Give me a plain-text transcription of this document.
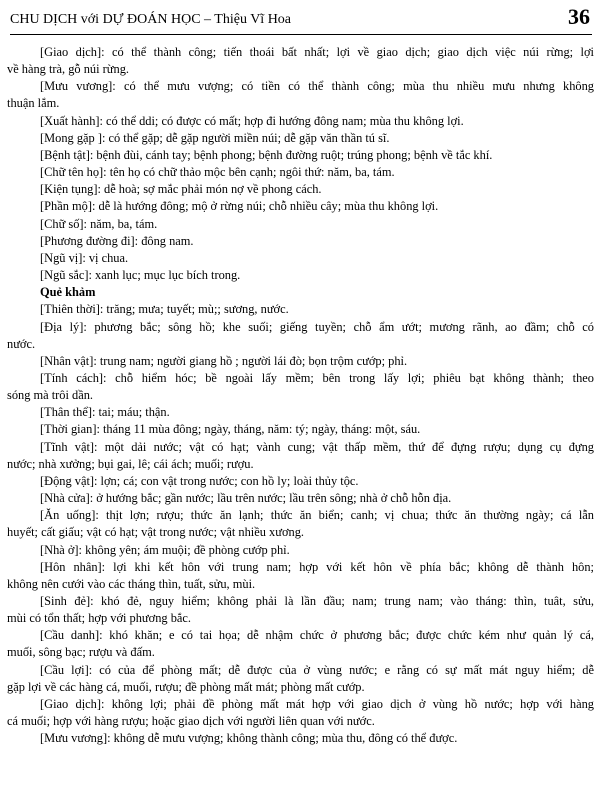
CHU DỊCH với DỰ ĐOÁN HỌC – Thiệu Vĩ Hoa	36
[Giao dịch]: có thể thành công; tiến thoái bất nhất; lợi về giao dịch; giao dịch việc núi rừng; lợi
về hàng trà, gỗ núi rừng.
[Mưu vương]: có thể mưu vượng; có tiền có thể thành công; mùa thu nhiều mưu nhưng không
thuận lắm.
[Xuất hành]: có thể ddi; có được có mất; hợp đi hướng đông nam; mùa thu không lợi.
[Mong gặp ]: có thể gặp; dễ gặp người miền núi; dễ gặp văn thần tú sĩ.
[Bệnh tật]: bệnh đùi, cánh tay; bệnh phong; bệnh đường ruột; trúng phong; bệnh về tắc khí.
[Chữ tên họ]: tên họ có chữ thảo mộc bên cạnh; ngôi thứ: năm, ba, tám.
[Kiện tụng]: dễ hoà; sợ mắc phải món nợ về phong cách.
[Phần mộ]: dễ là hướng đông; mộ ở rừng núi; chỗ nhiều cây; mùa thu không lợi.
[Chữ số]: năm, ba, tám.
[Phương đường đi]: đông nam.
[Ngũ vị]: vị chua.
[Ngũ sắc]: xanh lục; mục lục bích trong.
Quẻ khảm
[Thiên thời]: trăng; mưa; tuyết; mù;; sương, nước.
[Địa lý]: phương bắc; sông hồ; khe suối; giếng tuyền; chỗ ẩm ướt; mương rãnh, ao đầm; chỗ có
nước.
[Nhân vật]: trung nam; người giang hồ ; người lái đò; bọn trộm cướp; phỉ.
[Tính cách]: chỗ hiểm hóc; bề ngoài lấy mềm; bên trong lấy lợi; phiêu bạt không thành; theo
sóng mà trôi dần.
[Thân thể]: tai; máu; thận.
[Thời gian]: tháng 11 mùa đông; ngày, tháng, năm: tý; ngày, tháng: một, sáu.
[Tĩnh vật]: một dải nước; vật có hạt; vành cung; vật thấp mềm, thứ để đựng rượu; dụng cụ đựng
nước; nhà xưởng; bụi gai, lê; cái ách; muối; rượu.
[Động vật]: lợn; cá; con vật trong nước; con hồ ly; loài thủy tộc.
[Nhà cửa]: ở hướng bắc; gần nước; lầu trên nước; lầu trên sông; nhà ở chỗ hỗn địa.
[Ăn uống]: thịt lợn; rượu; thức ăn lạnh; thức ăn biển; canh; vị chua; thức ăn thường ngày; cá lẫn
huyết; cất giấu; vật có hạt; vật trong nước; vật nhiều xương.
[Nhà ở]: không yên; ám muội; đề phòng cướp phỉ.
[Hôn nhân]: lợi khi kết hôn với trung nam; hợp với kết hôn về phía bắc; không dễ thành hôn;
không nên cưới vào các tháng thìn, tuất, sửu, mùi.
[Sinh đẻ]: khó đẻ, nguy hiểm; không phải là lần đầu; nam; trung nam; vào tháng: thìn, tuât, sửu,
mùi có tổn thất; hợp với phương bắc.
[Cầu danh]: khó khăn; e có tai họa; dễ nhậm chức ở phương bắc; được chức kém như quản lý cá,
muối, sông bạc; rượu và đấm.
[Cầu lợi]: có của để phòng mất; dễ được của ở vùng nước; e rằng có sự mất mát nguy hiểm; dễ
gặp lợi về các hàng cá, muối, rượu; đề phòng mất mát; phòng mất cướp.
[Giao dịch]: không lợi; phải đề phòng mất mát hợp với giao dịch ở vùng hồ nước; hợp với hàng
cá muối; hợp với hàng rượu; hoặc giao dịch với người liên quan với nước.
[Mưu vương]: không dễ mưu vượng; không thành công; mùa thu, đông có thể được.
